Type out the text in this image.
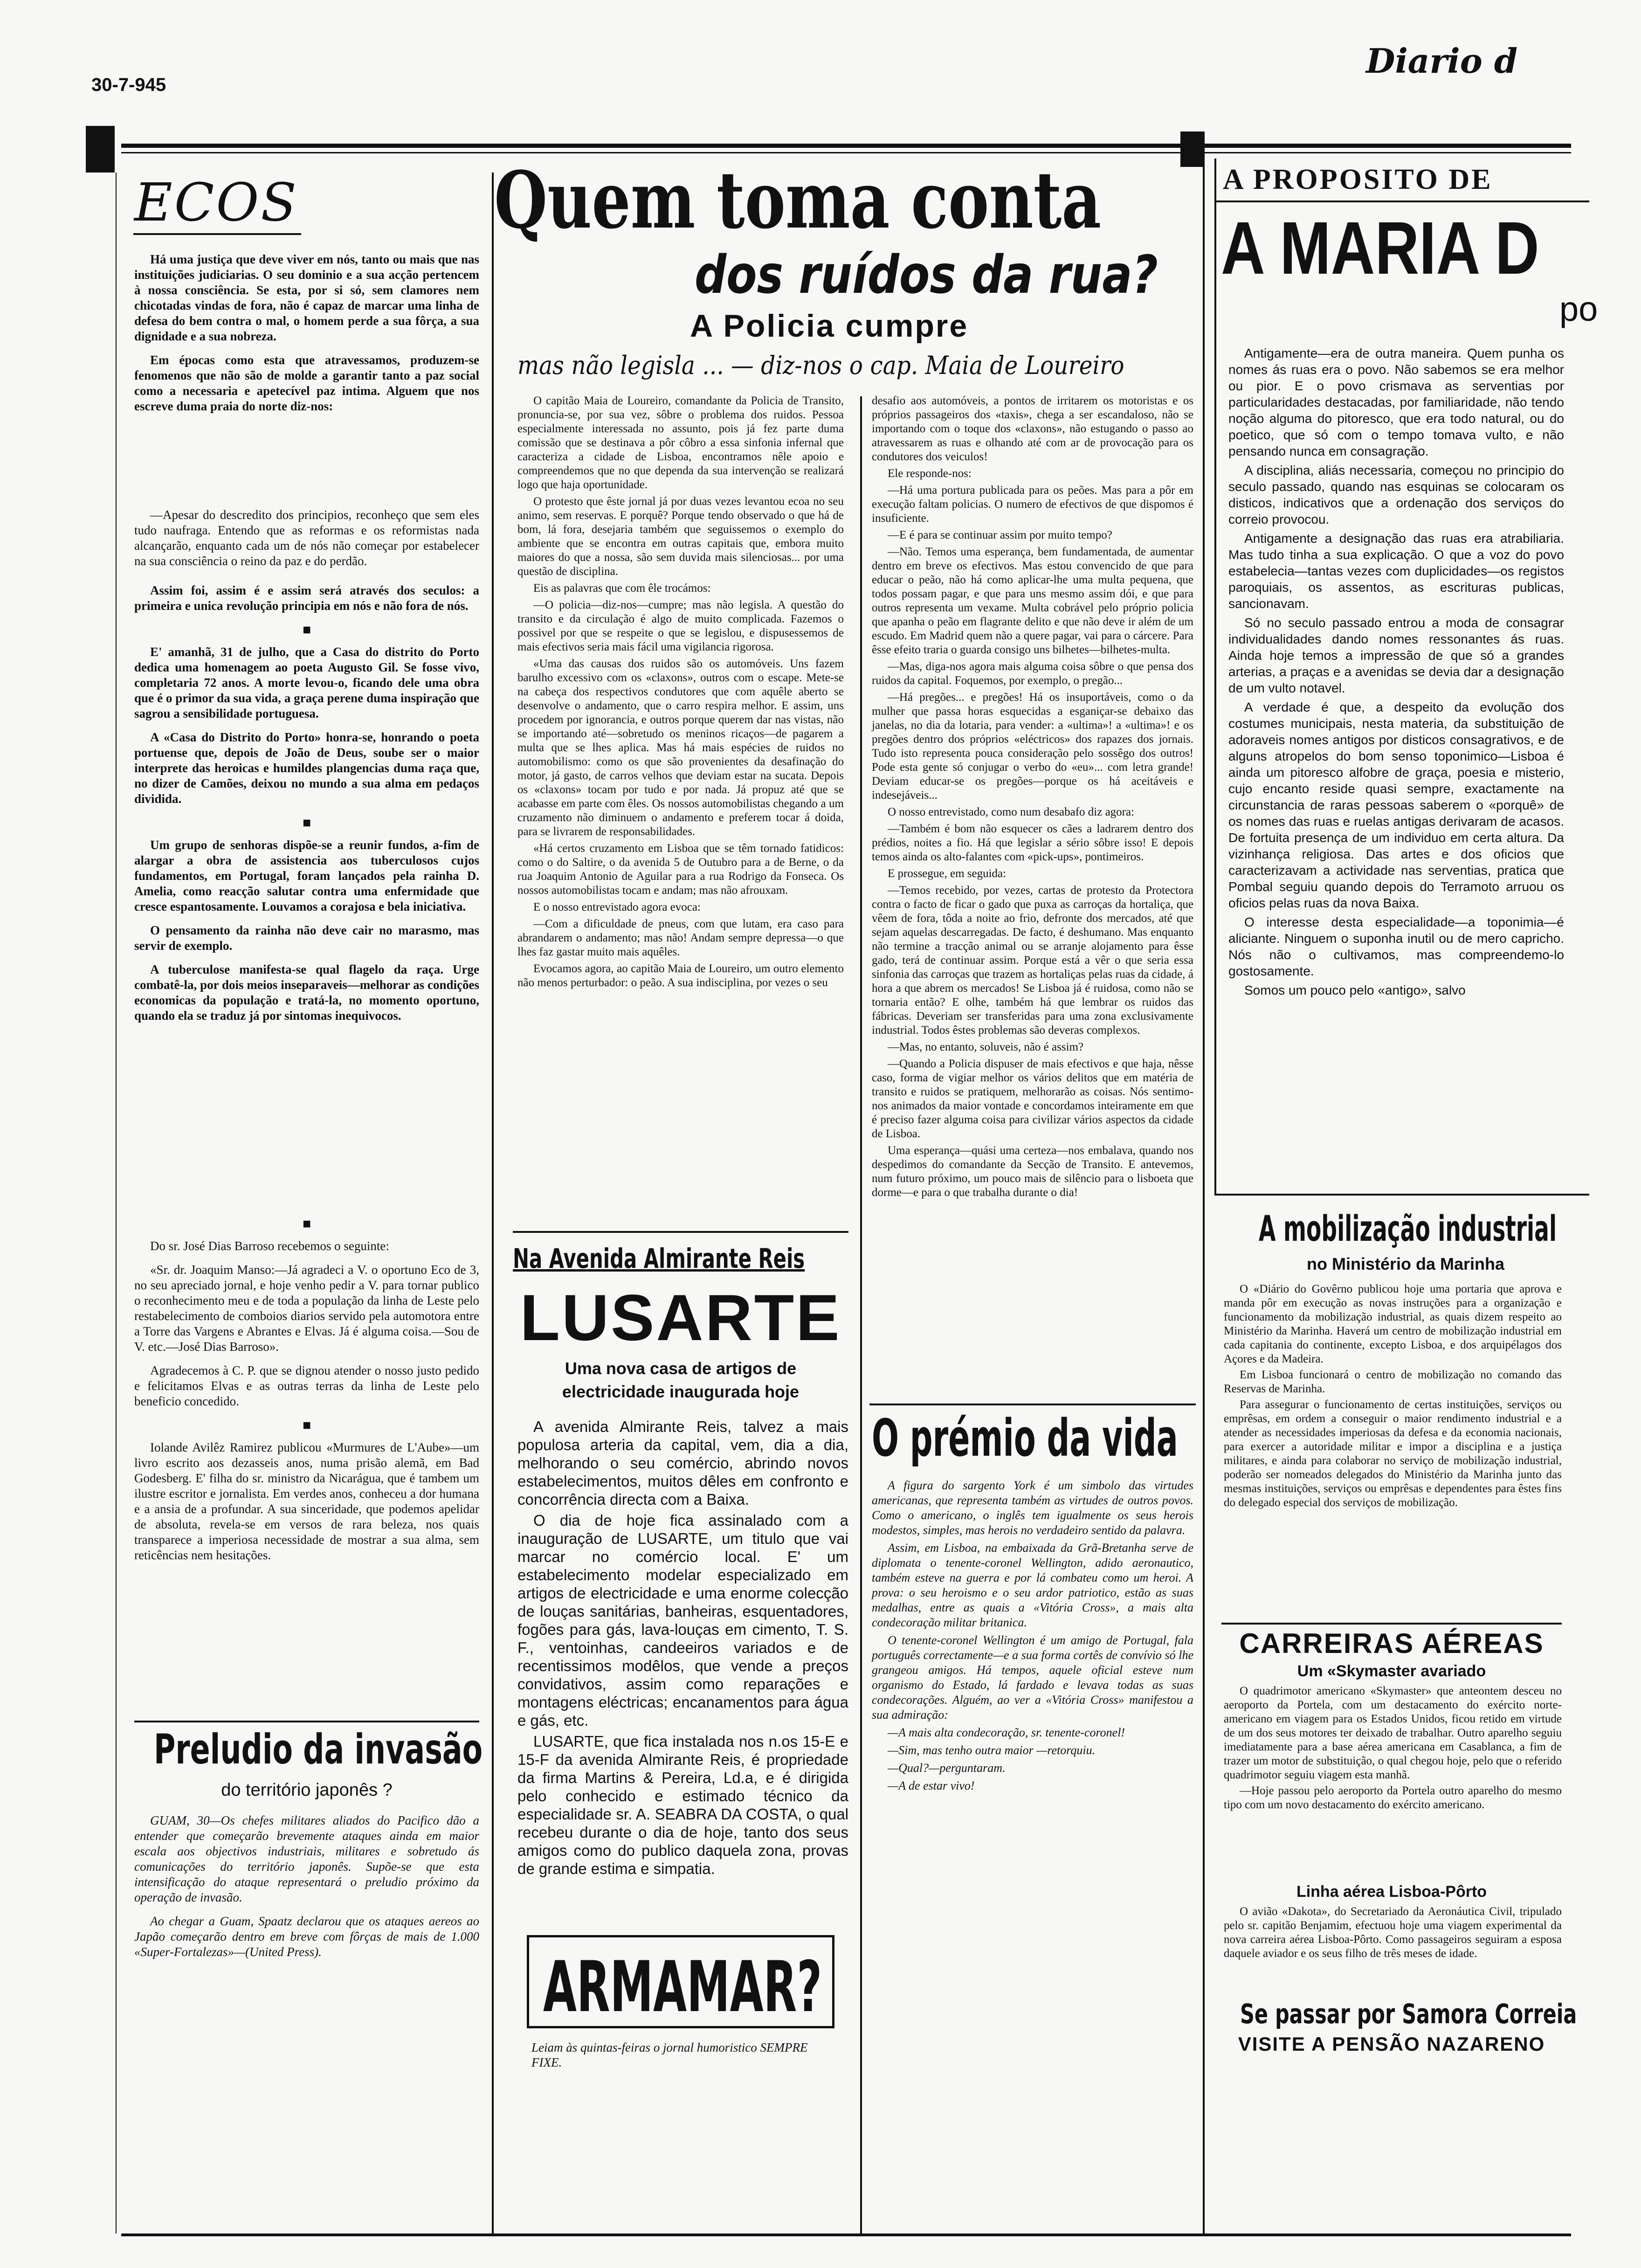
30-7-945
Diario d
ECOS

Há uma justiça que deve viver em nós, tanto ou mais que nas instituições judiciarias. O seu dominio e a sua acção pertencem à nossa consciência. Se esta, por si só, sem clamores nem chicotadas vindas de fora, não é capaz de marcar uma linha de defesa do bem contra o mal, o homem perde a sua fôrça, a sua dignidade e a sua nobreza.

Em épocas como esta que atravessamos, produzem-se fenomenos que não são de molde a garantir tanto a paz social como a necessaria e apetecível paz intima. Alguem que nos escreve duma praia do norte diz-nos:

—Apesar do descredito dos principios, reconheço que sem eles tudo naufraga. Entendo que as reformas e os reformistas nada alcançarão, enquanto cada um de nós não começar por estabelecer na sua consciência o reino da paz e do perdão.

Assim foi, assim é e assim será através dos seculos: a primeira e unica revolução principia em nós e não fora de nós.

■

E' amanhã, 31 de julho, que a Casa do distrito do Porto dedica uma homenagem ao poeta Augusto Gil. Se fosse vivo, completaria 72 anos. A morte levou-o, ficando dele uma obra que é o primor da sua vida, a graça perene duma inspiração que sagrou a sensibilidade portuguesa.

A «Casa do Distrito do Porto» honra-se, honrando o poeta portuense que, depois de João de Deus, soube ser o maior interprete das heroicas e humildes plangencias duma raça que, no dizer de Camões, deixou no mundo a sua alma em pedaços dividida.

■

Um grupo de senhoras dispõe-se a reunir fundos, a-fim de alargar a obra de assistencia aos tuberculosos cujos fundamentos, em Portugal, foram lançados pela rainha D. Amelia, como reacção salutar contra uma enfermidade que cresce espantosamente. Louvamos a corajosa e bela iniciativa.

O pensamento da rainha não deve cair no marasmo, mas servir de exemplo.

A tuberculose manifesta-se qual flagelo da raça. Urge combatê-la, por dois meios inseparaveis—melhorar as condições economicas da população e tratá-la, no momento oportuno, quando ela se traduz já por sintomas inequivocos.

■

Do sr. José Dias Barroso recebemos o seguinte:

«Sr. dr. Joaquim Manso:—Já agradeci a V. o oportuno Eco de 3, no seu apreciado jornal, e hoje venho pedir a V. para tornar publico o reconhecimento meu e de toda a população da linha de Leste pelo restabelecimento de comboios diarios servido pela automotora entre a Torre das Vargens e Abrantes e Elvas. Já é alguma coisa.—Sou de V. etc.—José Dias Barroso».

Agradecemos à C. P. que se dignou atender o nosso justo pedido e felicitamos Elvas e as outras terras da linha de Leste pelo beneficio concedido.

■

Iolande Avilêz Ramirez publicou «Murmures de L'Aube»—um livro escrito aos dezasseis anos, numa prisão alemã, em Bad Godesberg. E' filha do sr. ministro da Nicarágua, que é tambem um ilustre escritor e jornalista. Em verdes anos, conheceu a dor humana e a ansia de a profundar. A sua sinceridade, que podemos apelidar de absoluta, revela-se em versos de rara beleza, nos quais transparece a imperiosa necessidade de mostrar a sua alma, sem reticências nem hesitações.

Preludio da invasão
do território japonês ?

GUAM, 30—Os chefes militares aliados do Pacifico dão a entender que começarão brevemente ataques ainda em maior escala aos objectivos industriais, militares e sobretudo ás comunicações do território japonês. Supõe-se que esta intensificação do ataque representará o preludio próximo da operação de invasão.

Ao chegar a Guam, Spaatz declarou que os ataques aereos ao Japão começarão dentro em breve com fôrças de mais de 1.000 «Super-Fortalezas»—(United Press).

Quem toma conta
dos ruídos da rua?
A Policia cumpre
mas não legisla ... — diz-nos o cap. Maia de Loureiro

O capitão Maia de Loureiro, comandante da Policia de Transito, pronuncia-se, por sua vez, sôbre o problema dos ruidos. Pessoa especialmente interessada no assunto, pois já fez parte duma comissão que se destinava a pôr côbro a essa sinfonia infernal que caracteriza a cidade de Lisboa, encontramos nêle apoio e compreendemos que no que dependa da sua intervenção se realizará logo que haja oportunidade.

O protesto que êste jornal já por duas vezes levantou ecoa no seu animo, sem reservas. E porquê? Porque tendo observado o que há de bom, lá fora, desejaria também que seguissemos o exemplo do ambiente que se encontra em outras capitais que, embora muito maiores do que a nossa, são sem duvida mais silenciosas... por uma questão de disciplina.

Eis as palavras que com êle trocámos:

—O policia—diz-nos—cumpre; mas não legisla. A questão do transito e da circulação é algo de muito complicada. Fazemos o possivel por que se respeite o que se legislou, e dispusessemos de mais efectivos seria mais fácil uma vigilancia rigorosa.

«Uma das causas dos ruidos são os automóveis. Uns fazem barulho excessivo com os «claxons», outros com o escape. Mete-se na cabeça dos respectivos condutores que com aquêle aberto se desenvolve o andamento, que o carro respira melhor. E assim, uns procedem por ignorancia, e outros porque querem dar nas vistas, não se importando até—sobretudo os meninos ricaços—de pagarem a multa que se lhes aplica. Mas há mais espécies de ruidos no automobilismo: como os que são provenientes da desafinação do motor, já gasto, de carros velhos que deviam estar na sucata. Depois os «claxons» tocam por tudo e por nada. Já propuz até que se acabasse em parte com êles. Os nossos automobilistas chegando a um cruzamento não diminuem o andamento e preferem tocar á doida, para se livrarem de responsabilidades.

«Há certos cruzamento em Lisboa que se têm tornado fatidicos: como o do Saltire, o da avenida 5 de Outubro para a de Berne, o da rua Joaquim Antonio de Aguilar para a rua Rodrigo da Fonseca. Os nossos automobilistas tocam e andam; mas não afrouxam.

E o nosso entrevistado agora evoca:

—Com a dificuldade de pneus, com que lutam, era caso para abrandarem o andamento; mas não! Andam sempre depressa—o que lhes faz gastar muito mais aquêles.

Evocamos agora, ao capitão Maia de Loureiro, um outro elemento não menos perturbador: o peão. A sua indisciplina, por vezes o seu

desafio aos automóveis, a pontos de irritarem os motoristas e os próprios passageiros dos «taxis», chega a ser escandaloso, não se importando com o toque dos «claxons», não estugando o passo ao atravessarem as ruas e olhando até com ar de provocação para os condutores dos veiculos!

Ele responde-nos:

—Há uma portura publicada para os peões. Mas para a pôr em execução faltam policias. O numero de efectivos de que dispomos é insuficiente.

—E é para se continuar assim por muito tempo?

—Não. Temos uma esperança, bem fundamentada, de aumentar dentro em breve os efectivos. Mas estou convencido de que para educar o peão, não há como aplicar-lhe uma multa pequena, que todos possam pagar, e que para uns mesmo assim dói, e que para outros representa um vexame. Multa cobrável pelo próprio policia que apanha o peão em flagrante delito e que não deve ir além de um escudo. Em Madrid quem não a quere pagar, vai para o cárcere. Para êsse efeito traria o guarda consigo uns bilhetes—bilhetes-multa.

—Mas, diga-nos agora mais alguma coisa sôbre o que pensa dos ruidos da capital. Foquemos, por exemplo, o pregão...

—Há pregões... e pregões! Há os insuportáveis, como o da mulher que passa horas esquecidas a esganiçar-se debaixo das janelas, no dia da lotaria, para vender: a «ultima»! a «ultima»! e os pregões dentro dos próprios «eléctricos» dos rapazes dos jornais. Tudo isto representa pouca consideração pelo sossêgo dos outros! Pode esta gente só conjugar o verbo do «eu»... com letra grande! Deviam educar-se os pregões—porque os há aceitáveis e indesejáveis...

O nosso entrevistado, como num desabafo diz agora:

—Também é bom não esquecer os cães a ladrarem dentro dos prédios, noites a fio. Há que legislar a sério sôbre isso! E depois temos ainda os alto-falantes com «pick-ups», pontimeiros.

E prossegue, em seguida:

—Temos recebido, por vezes, cartas de protesto da Protectora contra o facto de ficar o gado que puxa as carroças da hortaliça, que vêem de fora, tôda a noite ao frio, defronte dos mercados, até que sejam aquelas descarregadas. De facto, é deshumano. Mas enquanto não termine a tracção animal ou se arranje alojamento para êsse gado, terá de continuar assim. Porque está a vêr o que seria essa sinfonia das carroças que trazem as hortaliças pelas ruas da cidade, á hora a que abrem os mercados! Se Lisboa já é ruidosa, como não se tornaria então? E olhe, também há que lembrar os ruidos das fábricas. Deveriam ser transferidas para uma zona exclusivamente industrial. Todos êstes problemas são deveras complexos.

—Mas, no entanto, soluveis, não é assim?

—Quando a Policia dispuser de mais efectivos e que haja, nêsse caso, forma de vigiar melhor os vários delitos que em matéria de transito e ruidos se pratiquem, melhorarão as coisas. Nós sentimo-nos animados da maior vontade e concordamos inteiramente em que é preciso fazer alguma coisa para civilizar vários aspectos da cidade de Lisboa.

Uma esperança—quási uma certeza—nos embalava, quando nos despedimos do comandante da Secção de Transito. E antevemos, num futuro próximo, um pouco mais de silêncio para o lisboeta que dorme—e para o que trabalha durante o dia!

Na Avenida Almirante Reis
LUSARTE
Uma nova casa de artigos de electricidade inaugurada hoje

A avenida Almirante Reis, talvez a mais populosa arteria da capital, vem, dia a dia, melhorando o seu comércio, abrindo novos estabelecimentos, muitos dêles em confronto e concorrência directa com a Baixa.

O dia de hoje fica assinalado com a inauguração de LUSARTE, um titulo que vai marcar no comércio local. E' um estabelecimento modelar especializado em artigos de electricidade e uma enorme colecção de louças sanitárias, banheiras, esquentadores, fogões para gás, lava-louças em cimento, T. S. F., ventoinhas, candeeiros variados e de recentissimos modêlos, que vende a preços convidativos, assim como reparações e montagens eléctricas; encanamentos para água e gás, etc.

LUSARTE, que fica instalada nos n.os 15-E e 15-F da avenida Almirante Reis, é propriedade da firma Martins & Pereira, Ld.a, e é dirigida pelo conhecido e estimado técnico da especialidade sr. A. SEABRA DA COSTA, o qual recebeu durante o dia de hoje, tanto dos seus amigos como do publico daquela zona, provas de grande estima e simpatia.

ARMAMAR?
Leiam às quintas-feiras o jornal humoristico SEMPRE FIXE.
O prémio da vida

A figura do sargento York é um simbolo das virtudes americanas, que representa também as virtudes de outros povos. Como o americano, o inglês tem igualmente os seus herois modestos, simples, mas herois no verdadeiro sentido da palavra.

Assim, em Lisboa, na embaixada da Grã-Bretanha serve de diplomata o tenente-coronel Wellington, adido aeronautico, também esteve na guerra e por lá combateu como um heroi. A prova: o seu heroismo e o seu ardor patriotico, estão as suas medalhas, entre as quais a «Vitória Cross», a mais alta condecoração militar britanica.

O tenente-coronel Wellington é um amigo de Portugal, fala português correctamente—e a sua forma cortês de convívio só lhe grangeou amigos. Há tempos, aquele oficial esteve num organismo do Estado, lá fardado e levava todas as suas condecorações. Alguém, ao ver a «Vitória Cross» manifestou a sua admiração:

—A mais alta condecoração, sr. tenente-coronel!

—Sim, mas tenho outra maior —retorquiu.

—Qual?—perguntaram.

—A de estar vivo!

A PROPOSITO DE
A MARIA D
po

Antigamente—era de outra maneira. Quem punha os nomes ás ruas era o povo. Não sabemos se era melhor ou pior. E o povo crismava as serventias por particularidades destacadas, por familiaridade, não tendo noção alguma do pitoresco, que era todo natural, ou do poetico, que só com o tempo tomava vulto, e não pensando nunca em consagração.

A disciplina, aliás necessaria, começou no principio do seculo passado, quando nas esquinas se colocaram os disticos, indicativos que a ordenação dos serviços do correio provocou.

Antigamente a designação das ruas era atrabiliaria. Mas tudo tinha a sua explicação. O que a voz do povo estabelecia—tantas vezes com duplicidades—os registos paroquiais, os assentos, as escrituras publicas, sancionavam.

Só no seculo passado entrou a moda de consagrar individualidades dando nomes ressonantes ás ruas. Ainda hoje temos a impressão de que só a grandes arterias, a praças e a avenidas se devia dar a designação de um vulto notavel.

A verdade é que, a despeito da evolução dos costumes municipais, nesta materia, da substituição de adoraveis nomes antigos por disticos consagrativos, e de alguns atropelos do bom senso toponimico—Lisboa é ainda um pitoresco alfobre de graça, poesia e misterio, cujo encanto reside quasi sempre, exactamente na circunstancia de raras pessoas saberem o «porquê» de os nomes das ruas e ruelas antigas derivaram de acasos. De fortuita presença de um individuo em certa altura. Da vizinhança religiosa. Das artes e dos oficios que caracterizavam a actividade nas serventias, pratica que Pombal seguiu quando depois do Terramoto arruou os oficios pelas ruas da nova Baixa.

O interesse desta especialidade—a toponimia—é aliciante. Ninguem o suponha inutil ou de mero capricho. Nós não o cultivamos, mas compreendemo-lo gostosamente.

Somos um pouco pelo «antigo», salvo

A mobilização industrial
no Ministério da Marinha

O «Diário do Govêrno publicou hoje uma portaria que aprova e manda pôr em execução as novas instruções para a organização e funcionamento da mobilização industrial, as quais dizem respeito ao Ministério da Marinha. Haverá um centro de mobilização industrial em cada capitania do continente, excepto Lisboa, e dos arquipélagos dos Açores e da Madeira.

Em Lisboa funcionará o centro de mobilização no comando das Reservas de Marinha.

Para assegurar o funcionamento de certas instituições, serviços ou emprêsas, em ordem a conseguir o maior rendimento industrial e a atender as necessidades imperiosas da defesa e da economia nacionais, para exercer a autoridade militar e impor a disciplina e a justiça militares, e ainda para colaborar no serviço de mobilização industrial, poderão ser nomeados delegados do Ministério da Marinha junto das mesmas instituições, serviços ou emprêsas e dependentes para êstes fins do delegado especial dos serviços de mobilização.

CARREIRAS AÉREAS
Um «Skymaster avariado

O quadrimotor americano «Skymaster» que anteontem desceu no aeroporto da Portela, com um destacamento do exército norte-americano em viagem para os Estados Unidos, ficou retido em virtude de um dos seus motores ter deixado de trabalhar. Outro aparelho seguiu imediatamente para a base aérea americana em Casablanca, a fim de trazer um motor de substituição, o qual chegou hoje, pelo que o referido quadrimotor seguiu viagem esta manhã.

—Hoje passou pelo aeroporto da Portela outro aparelho do mesmo tipo com um novo destacamento do exército americano.

Linha aérea Lisboa-Pôrto

O avião «Dakota», do Secretariado da Aeronáutica Civil, tripulado pelo sr. capitão Benjamim, efectuou hoje uma viagem experimental da nova carreira aérea Lisboa-Pôrto. Como passageiros seguiram a esposa daquele aviador e os seus filho de três meses de idade.

Se passar por Samora Correia
VISITE A PENSÃO NAZARENO
